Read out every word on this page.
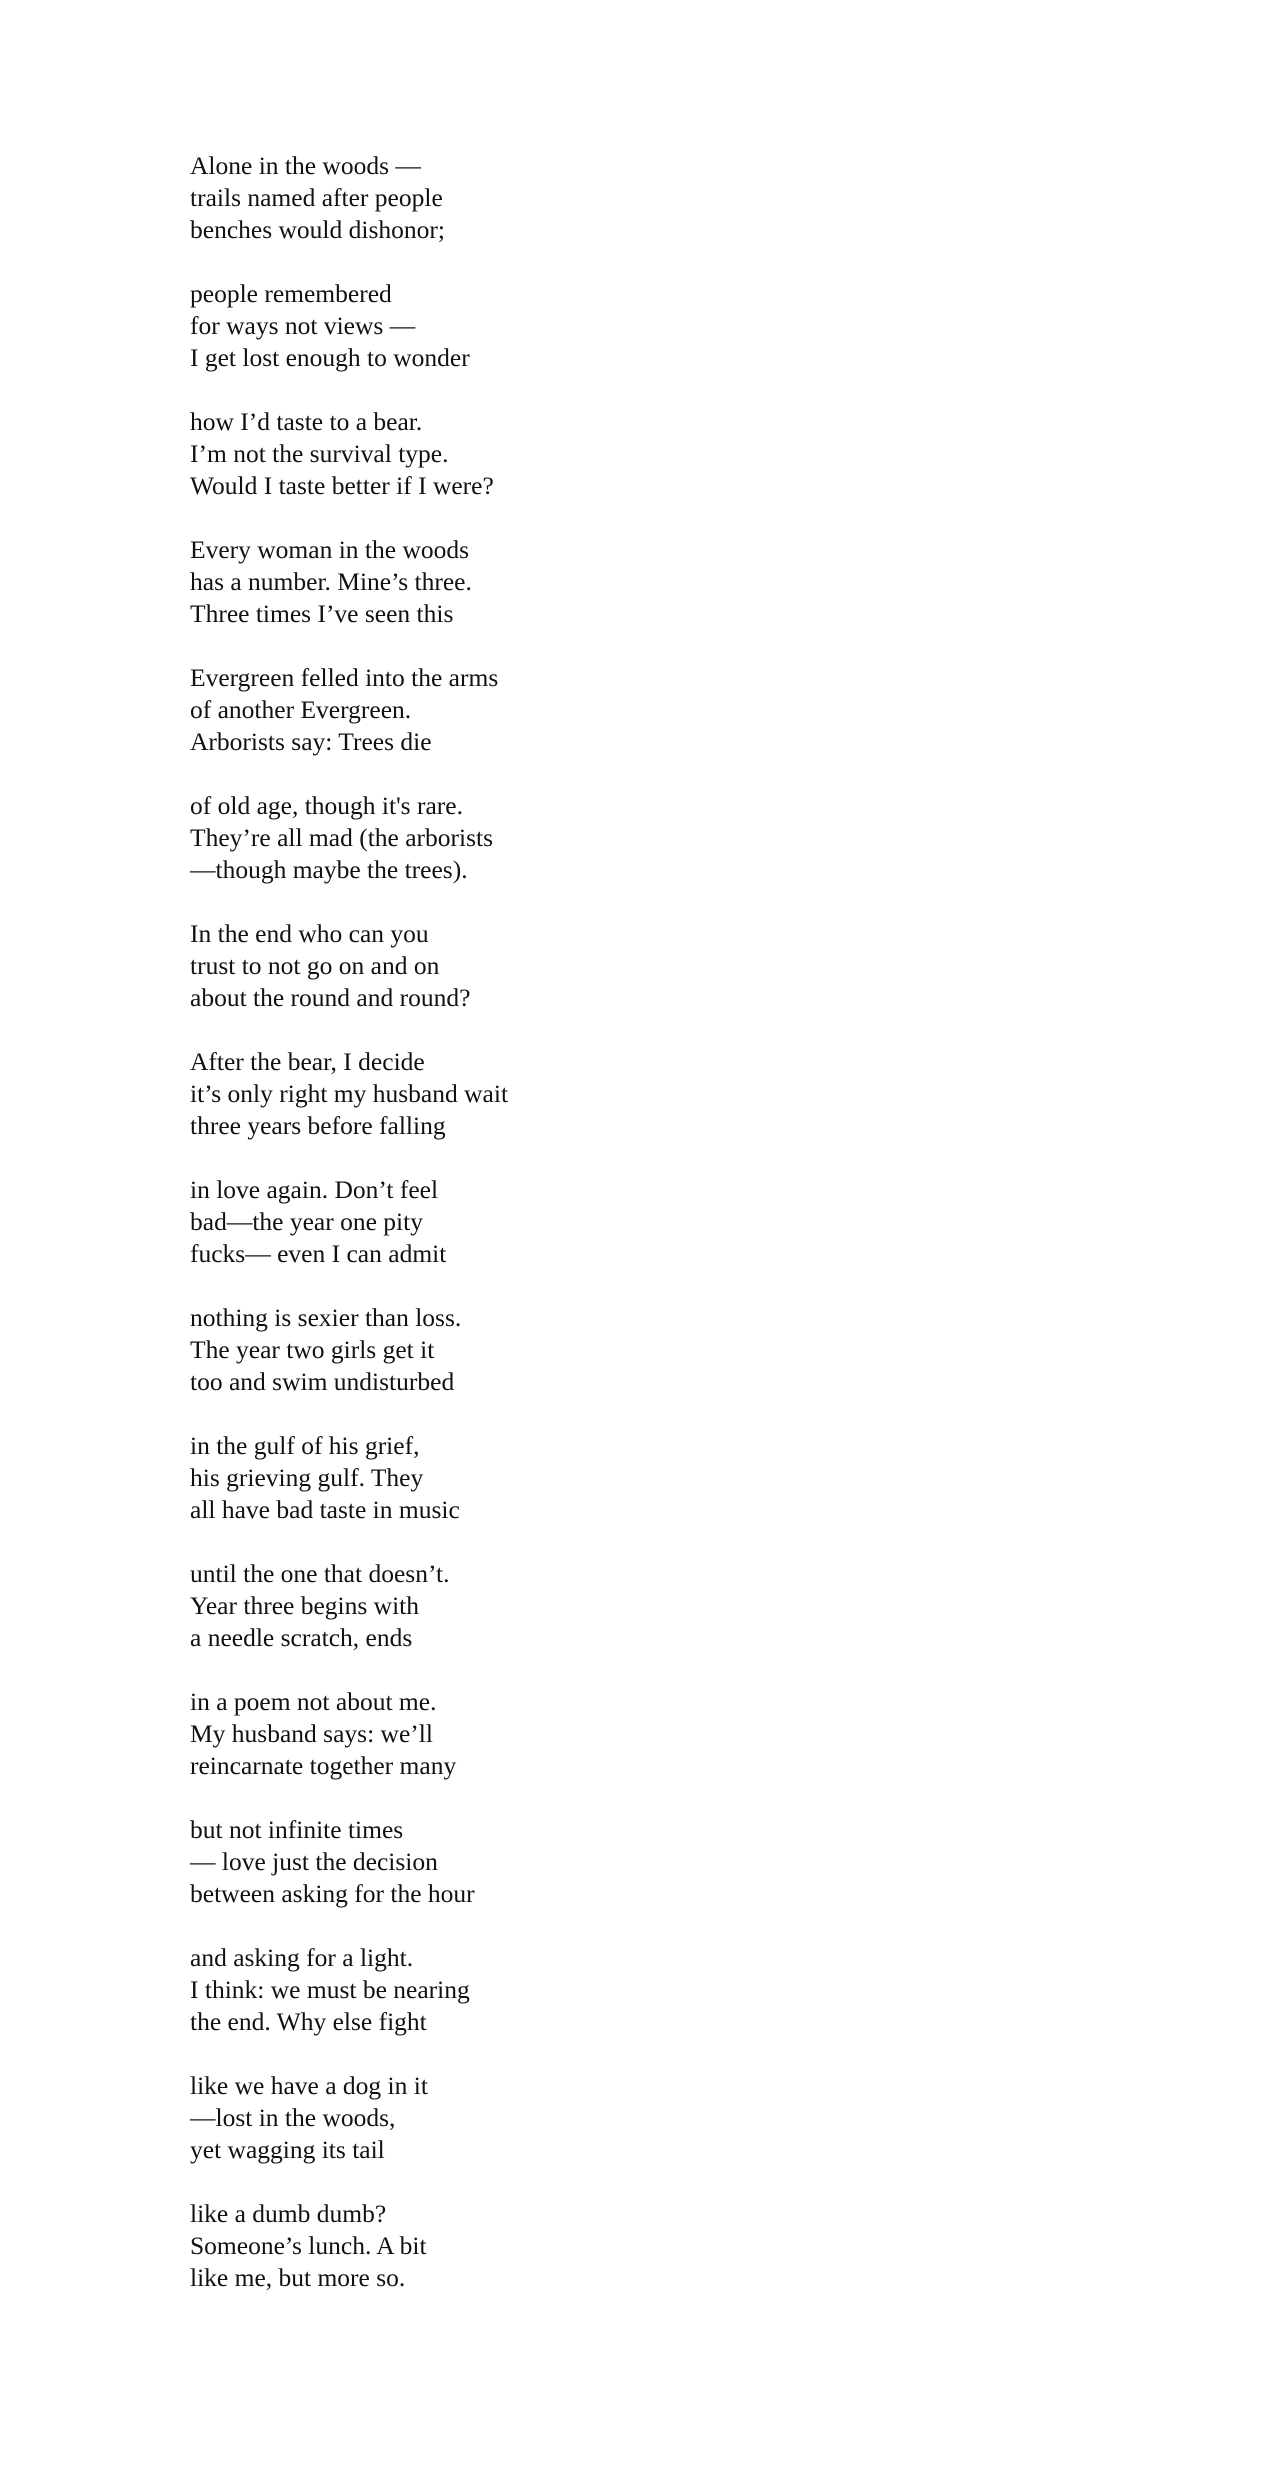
Alone in the woods —
trails named after people
benches would dishonor;
people remembered
for ways not views —
I get lost enough to wonder
how I’d taste to a bear.
I’m not the survival type.
Would I taste better if I were?
Every woman in the woods
has a number. Mine’s three.
Three times I’ve seen this
Evergreen felled into the arms
of another Evergreen.
Arborists say: Trees die
of old age, though it's rare.
They’re all mad (the arborists
—though maybe the trees).
In the end who can you
trust to not go on and on
about the round and round?
After the bear, I decide
it’s only right my husband wait
three years before falling
in love again. Don’t feel
bad—the year one pity
fucks— even I can admit
nothing is sexier than loss.
The year two girls get it
too and swim undisturbed
in the gulf of his grief,
his grieving gulf. They
all have bad taste in music
until the one that doesn’t.
Year three begins with
a needle scratch, ends
in a poem not about me.
My husband says: we’ll
reincarnate together many
but not infinite times
— love just the decision
between asking for the hour
and asking for a light.
I think: we must be nearing
the end. Why else fight
like we have a dog in it
—lost in the woods,
yet wagging its tail
like a dumb dumb?
Someone’s lunch. A bit
like me, but more so.
